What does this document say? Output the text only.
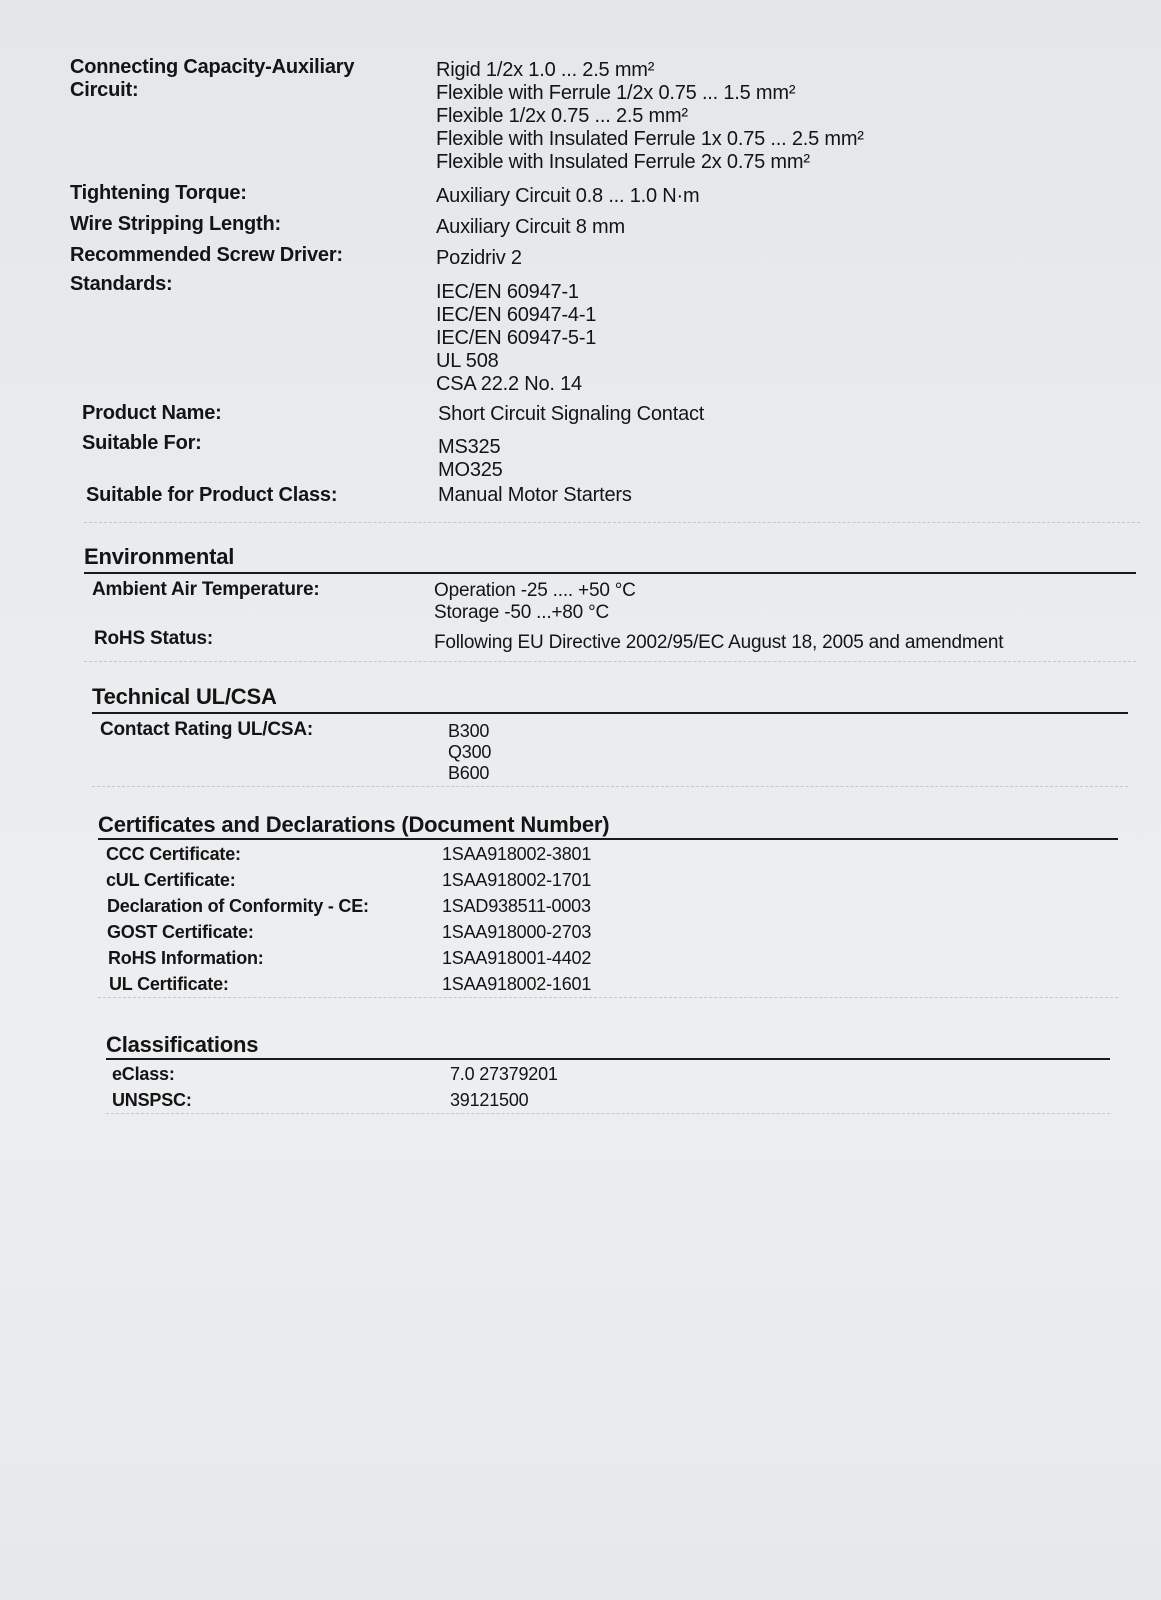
Connecting Capacity-Auxiliary Circuit:
Rigid 1/2x 1.0 ... 2.5 mm²
Flexible with Ferrule 1/2x 0.75 ... 1.5 mm²
Flexible 1/2x 0.75 ... 2.5 mm²
Flexible with Insulated Ferrule 1x 0.75 ... 2.5 mm²
Flexible with Insulated Ferrule 2x 0.75 mm²
Tightening Torque:	Auxiliary Circuit 0.8 ... 1.0 N·m
Wire Stripping Length:	Auxiliary Circuit 8 mm
Recommended Screw Driver:	Pozidriv 2
Standards:	IEC/EN 60947-1
IEC/EN 60947-4-1
IEC/EN 60947-5-1
UL 508
CSA 22.2 No. 14
Product Name:	Short Circuit Signaling Contact
Suitable For:	MS325
MO325
Suitable for Product Class:	Manual Motor Starters
Environmental
Ambient Air Temperature:	Operation -25 .... +50 °C
Storage -50 ...+80 °C
RoHS Status:	Following EU Directive 2002/95/EC August 18, 2005 and amendment
Technical UL/CSA
Contact Rating UL/CSA:	B300
Q300
B600
Certificates and Declarations (Document Number)
CCC Certificate:	1SAA918002-3801
cUL Certificate:	1SAA918002-1701
Declaration of Conformity - CE:	1SAD938511-0003
GOST Certificate:	1SAA918000-2703
RoHS Information:	1SAA918001-4402
UL Certificate:	1SAA918002-1601
Classifications
eClass:	7.0 27379201
UNSPSC:	39121500
